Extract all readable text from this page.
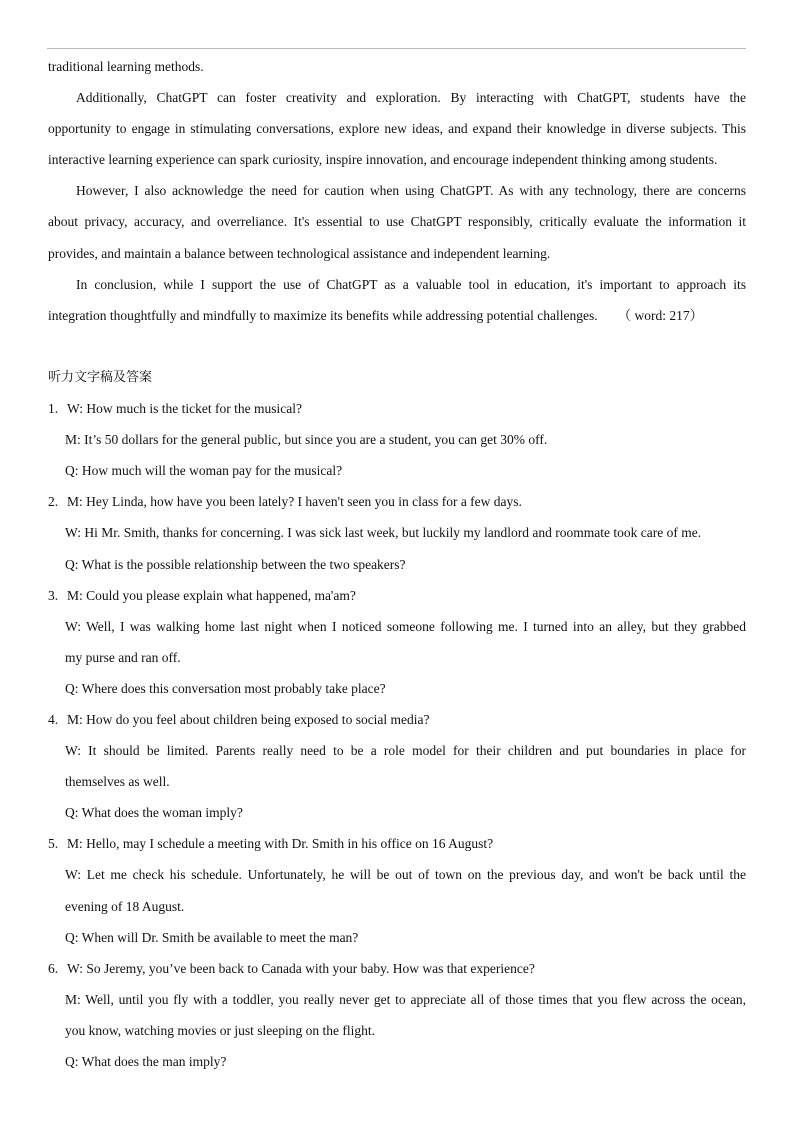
traditional learning methods.
Additionally, ChatGPT can foster creativity and exploration. By interacting with ChatGPT, students have the
opportunity to engage in stimulating conversations, explore new ideas, and expand their knowledge in diverse subjects. This
interactive learning experience can spark curiosity, inspire innovation, and encourage independent thinking among students.
However, I also acknowledge the need for caution when using ChatGPT. As with any technology, there are concerns
about privacy, accuracy, and overreliance. It's essential to use ChatGPT responsibly, critically evaluate the information it
provides, and maintain a balance between technological assistance and independent learning.
In conclusion, while I support the use of ChatGPT as a valuable tool in education, it's important to approach its
integration thoughtfully and mindfully to maximize its benefits while addressing potential challenges. （ word: 217）
听力文字稿及答案
1. W: How much is the ticket for the musical?
M: It’s 50 dollars for the general public, but since you are a student, you can get 30% off.
Q: How much will the woman pay for the musical?
2. M: Hey Linda, how have you been lately? I haven't seen you in class for a few days.
W: Hi Mr. Smith, thanks for concerning. I was sick last week, but luckily my landlord and roommate took care of me.
Q: What is the possible relationship between the two speakers?
3. M: Could you please explain what happened, ma'am?
W: Well, I was walking home last night when I noticed someone following me. I turned into an alley, but they grabbed
my purse and ran off.
Q: Where does this conversation most probably take place?
4. M: How do you feel about children being exposed to social media?
W: It should be limited. Parents really need to be a role model for their children and put boundaries in place for
themselves as well.
Q: What does the woman imply?
5. M: Hello, may I schedule a meeting with Dr. Smith in his office on 16 August?
W: Let me check his schedule. Unfortunately, he will be out of town on the previous day, and won't be back until the
evening of 18 August.
Q: When will Dr. Smith be available to meet the man?
6. W: So Jeremy, you’ve been back to Canada with your baby. How was that experience?
M: Well, until you fly with a toddler, you really never get to appreciate all of those times that you flew across the ocean,
you know, watching movies or just sleeping on the flight.
Q: What does the man imply?
